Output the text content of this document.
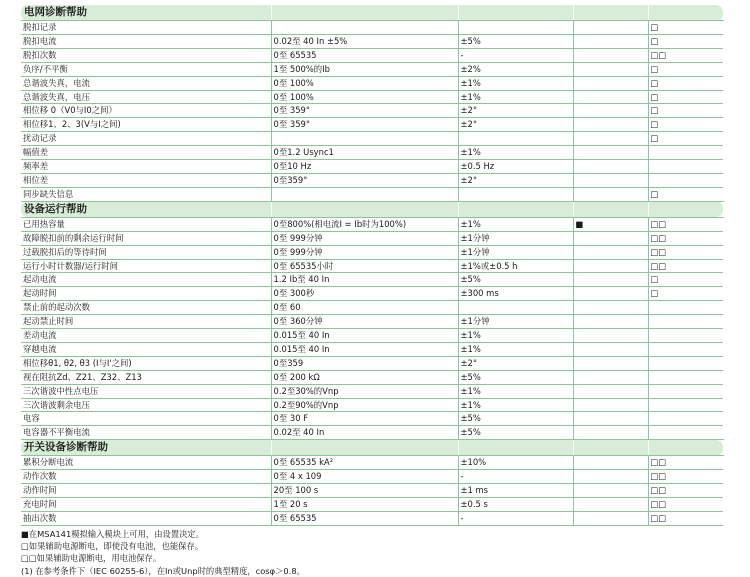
电网诊断帮助				
脱扣记录				□
脱扣电流	0.02至 40 In ±5%	±5%		□
脱扣次数	0至 65535	-		□□
负序/不平衡	1至 500%的Ib	±2%		□
总谐波失真，电流	0至 100%	±1%		□
总谐波失真，电压	0至 100%	±1%		□
相位移 0（V0与I0之间）	0至 359°	±2°		□
相位移1、2、3(V与I之间)	0至 359°	±2°		□
扰动记录				□
幅值差	0至1.2 Usync1	±1%		
频率差	0至10 Hz	±0.5 Hz		
相位差	0至359°	±2°		
同步缺失信息				□
设备运行帮助				
已用热容量	0至800%(相电流I = Ib时为100%)	±1%	■	□□
故障脱扣前的剩余运行时间	0至 999分钟	±1分钟		□□
过载脱扣后的等待时间	0至 999分钟	±1分钟		□□
运行小时计数器/运行时间	0至 65535小时	±1%或±0.5 h		□□
起动电流	1.2 Ib至 40 In	±5%		□
起动时间	0至 300秒	±300 ms		□
禁止前的起动次数	0至 60			
起动禁止时间	0至 360分钟	±1分钟		
差动电流	0.015至 40 In	±1%		
穿越电流	0.015至 40 In	±1%		
相位移θ1, θ2, θ3 (I与I'之间)	0至359	±2°		
视在阻抗Zd、Z21、Z32、Z13	0至 200 kΩ	±5%		
三次谐波中性点电压	0.2至30%的Vnp	±1%		
三次谐波剩余电压	0.2至90%的Vnp	±1%		
电容	0至 30 F	±5%		
电容器不平衡电流	0.02至 40 In	±5%		
开关设备诊断帮助				
累积分断电流	0至 65535 kA²	±10%		□□
动作次数	0至 4 x 109	-		□□
动作时间	20至 100 s	±1 ms		□□
充电时间	1至 20 s	±0.5 s		□□
抽出次数	0至 65535	-		□□
■在MSA141模拟输入模块上可用，由设置决定。
□如果辅助电源断电，即使没有电池，也能保存。
□□如果辅助电源断电，用电池保存。
(1) 在参考条件下（IEC 60255-6），在In或Unp时的典型精度，cosφ＞0.8。
